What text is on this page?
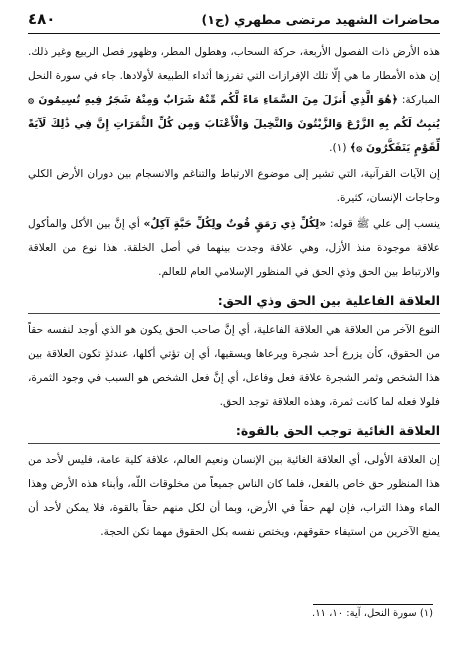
محاضرات الشهيد مرتضى مطهري (ج١)
٤٨٠

هذه الأرض ذات الفصول الأربعة، حركة السحاب، وهطول المطر، وظهور فصل الربيع وغير ذلك. إن هذه الأمطار ما هي إلّا تلك الإفرازات التي تفرزها أثداء الطبيعة لأولادها. جاء في سورة النحل المباركة: ﴿هُوَ الَّذِي أَنزَلَ مِنَ السَّمَاءِ مَاءً لَّكُم مِّنْهُ شَرَابٌ وَمِنْهُ شَجَرٌ فِيهِ تُسِيمُونَ ۞ يُنبِتُ لَكُم بِهِ الزَّرْعَ وَالزَّيْتُونَ وَالنَّخِيلَ وَالْأَعْنَابَ وَمِن كُلِّ الثَّمَرَاتِ إِنَّ فِي ذَٰلِكَ لَآيَةً لِّقَوْمٍ يَتَفَكَّرُونَ ۞﴾ (١).

إن الآيات القرآنية، التي تشير إلى موضوع الارتباط والتناغم والانسجام بين دوران الأرض الكلي وحاجات الإنسان، كثيرة.

ينسب إلى علي ﷺ قوله: «لِكُلِّ ذِي رَمَقٍ قُوتٌ ولِكُلِّ حَبَّةٍ آكِلٌ» أي إنَّ بين الأكل والمأكول علاقة موجودة منذ الأزل، وهي علاقة وجدت بينهما في أصل الخلقة. هذا نوع من العلاقة والارتباط بين الحق وذي الحق في المنظور الإسلامي العام للعالم.

العلاقة الفاعلية بين الحق وذي الحق:

النوع الآخر من العلاقة هي العلاقة الفاعلية، أي إنَّ صاحب الحق يكون هو الذي أوجد لنفسه حقاً من الحقوق، كأن يزرع أحد شجرة ويرعاها ويسقيها، أي إن تؤتي أكلها، عندئذٍ تكون العلاقة بين هذا الشخص وثمر الشجرة علاقة فعل وفاعل، أي إنَّ فعل الشخص هو السبب في وجود الثمرة، فلولا فعله لما كانت ثمرة، وهذه العلاقة توجد الحق.

العلاقة الغائية توجب الحق بالقوة:

إن العلاقة الأولى، أي العلاقة الغائية بين الإنسان ونعيم العالم، علاقة كلية عامة، فليس لأحد من هذا المنظور حق خاص بالفعل، فلما كان الناس جميعاً من مخلوقات اللّه، وأبناء هذه الأرض وهذا الماء وهذا التراب، فإن لهم حقاً في الأرض، وبما أن لكل منهم حقاً بالقوة، فلا يمكن لأحد أن يمنع الآخرين من استيفاء حقوقهم، ويختص نفسه بكل الحقوق مهما تكن الحجة.

(١) سورة النحل، آية: ١٠، ١١.
